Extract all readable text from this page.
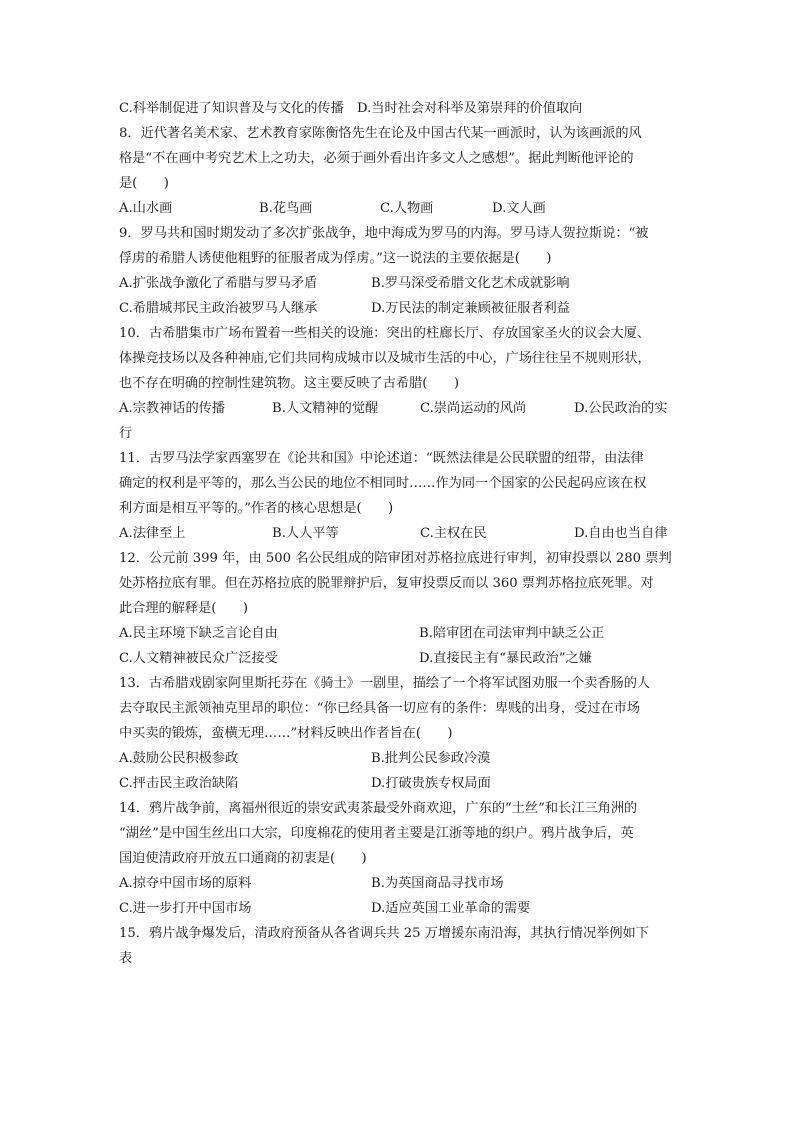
C.科举制促进了知识普及与文化的传播　D.当时社会对科举及第崇拜的价值取向
8．近代著名美术家、艺术教育家陈衡恪先生在论及中国古代某一画派时，认为该画派的风
格是“不在画中考究艺术上之功夫，必须于画外看出许多文人之感想”。据此判断他评论的
是(　　)
A.山水画	B.花鸟画	C.人物画	D.文人画
9．罗马共和国时期发动了多次扩张战争，地中海成为罗马的内海。罗马诗人贺拉斯说：“被
俘虏的希腊人诱使他粗野的征服者成为俘虏。”这一说法的主要依据是(　　)
A.扩张战争激化了希腊与罗马矛盾	B.罗马深受希腊文化艺术成就影响
C.希腊城邦民主政治被罗马人继承	D.万民法的制定兼顾被征服者利益
10．古希腊集市广场布置着一些相关的设施：突出的柱廊长厅、存放国家圣火的议会大厦、
体操竞技场以及各种神庙,它们共同构成城市以及城市生活的中心，广场往往呈不规则形状，
也不存在明确的控制性建筑物。这主要反映了古希腊(　　)
A.宗教神话的传播	B.人文精神的觉醒	C.崇尚运动的风尚	D.公民政治的实
行
11．古罗马法学家西塞罗在《论共和国》中论述道：“既然法律是公民联盟的纽带，由法律
确定的权利是平等的，那么当公民的地位不相同时……作为同一个国家的公民起码应该在权
利方面是相互平等的。”作者的核心思想是(　　)
A.法律至上	B.人人平等	C.主权在民	D.自由也当自律
12．公元前 399 年，由 500 名公民组成的陪审团对苏格拉底进行审判，初审投票以 280 票判
处苏格拉底有罪。但在苏格拉底的脱罪辩护后，复审投票反而以 360 票判苏格拉底死罪。对
此合理的解释是(　　)
A.民主环境下缺乏言论自由	B.陪审团在司法审判中缺乏公正
C.人文精神被民众广泛接受	D.直接民主有“暴民政治”之嫌
13．古希腊戏剧家阿里斯托芬在《骑士》一剧里，描绘了一个将军试图劝服一个卖香肠的人
去夺取民主派领袖克里昂的职位：“你已经具备一切应有的条件：卑贱的出身，受过在市场
中买卖的锻炼，蛮横无理……”材料反映出作者旨在(　　)
A.鼓励公民积极参政	B.批判公民参政冷漠
C.抨击民主政治缺陷	D.打破贵族专权局面
14．鸦片战争前，离福州很近的崇安武夷茶最受外商欢迎，广东的“土丝”和长江三角洲的
“湖丝”是中国生丝出口大宗，印度棉花的使用者主要是江浙等地的织户。鸦片战争后，英
国迫使清政府开放五口通商的初衷是(　　)
A.掠夺中国市场的原料	B.为英国商品寻找市场
C.进一步打开中国市场	D.适应英国工业革命的需要
15．鸦片战争爆发后，清政府预备从各省调兵共 25 万增援东南沿海，其执行情况举例如下
表
